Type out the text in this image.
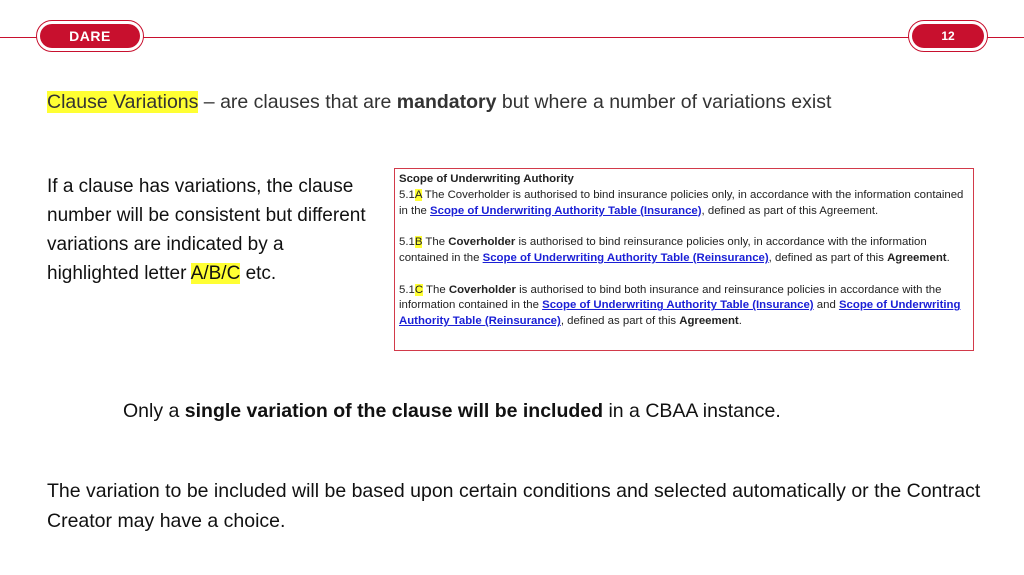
DARE	12
Clause Variations – are clauses that are mandatory but where a number of variations exist
If a clause has variations, the clause number will be consistent but different variations are indicated by a highlighted letter A/B/C etc.
Scope of Underwriting Authority
5.1A The Coverholder is authorised to bind insurance policies only, in accordance with the information contained in the Scope of Underwriting Authority Table (Insurance), defined as part of this Agreement.
5.1B The Coverholder is authorised to bind reinsurance policies only, in accordance with the information contained in the Scope of Underwriting Authority Table (Reinsurance), defined as part of this Agreement.
5.1C The Coverholder is authorised to bind both insurance and reinsurance policies in accordance with the information contained in the Scope of Underwriting Authority Table (Insurance) and Scope of Underwriting Authority Table (Reinsurance), defined as part of this Agreement.
Only a single variation of the clause will be included in a CBAA instance.
The variation to be included will be based upon certain conditions and selected automatically or the Contract Creator may have a choice.
